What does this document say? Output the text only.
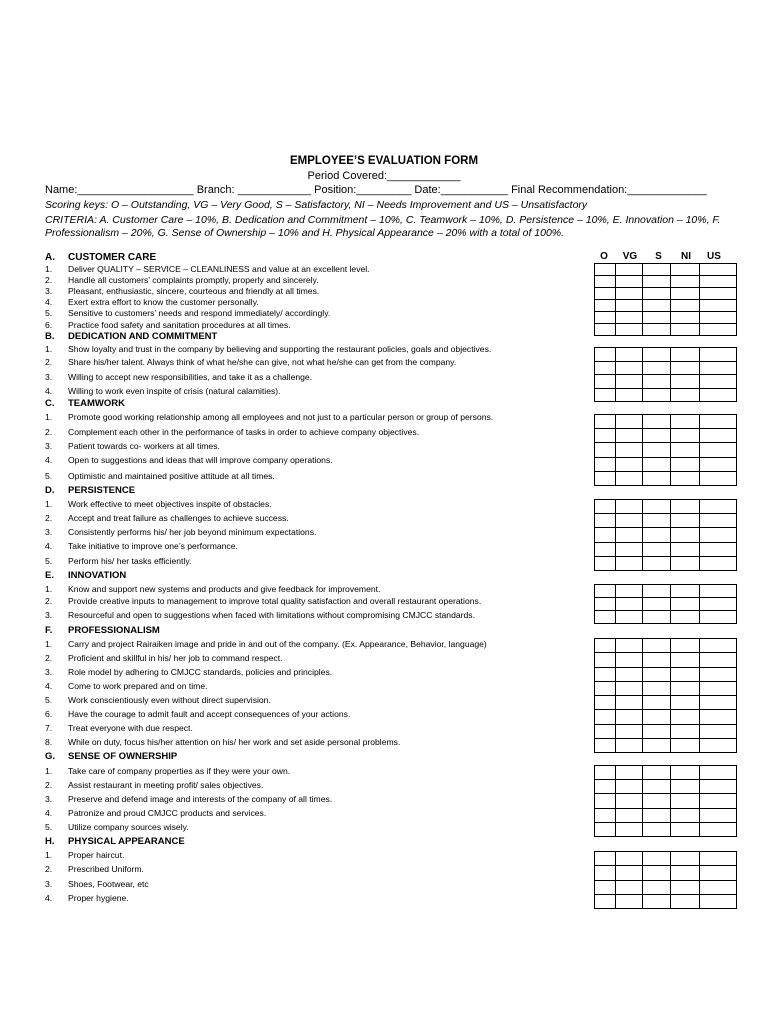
EMPLOYEE’S EVALUATION FORM
Period Covered:____________
Name:___________________ Branch: ____________ Position:_________ Date:___________ Final Recommendation:_____________
Scoring keys: O – Outstanding, VG – Very Good, S – Satisfactory, NI – Needs Improvement and US – Unsatisfactory
CRITERIA: A. Customer Care – 10%, B. Dedication and Commitment – 10%, C. Teamwork – 10%, D. Persistence – 10%, E. Innovation – 10%, F. Professionalism – 20%, G. Sense of Ownership – 10% and H. Physical Appearance – 20% with a total of 100%.
O	VG	S	NI	US
A. CUSTOMER CARE
1. Deliver QUALITY – SERVICE – CLEANLINESS and value at an excellent level.
2. Handle all customers’ complaints promptly, properly and sincerely.
3. Pleasant, enthusiastic, sincere, courteous and friendly at all times.
4. Exert extra effort to know the customer personally.
5. Sensitive to customers’ needs and respond immediately/ accordingly.
6. Practice food safety and sanitation procedures at all times.

B. DEDICATION AND COMMITMENT
1. Show loyalty and trust in the company by believing and supporting the restaurant policies, goals and objectives.
2. Share his/her talent. Always think of what he/she can give, not what he/she can get from the company.
3. Willing to accept new responsibilities, and take it as a challenge.
4. Willing to work even inspite of crisis (natural calamities).

C. TEAMWORK
1. Promote good working relationship among all employees and not just to a particular person or group of persons.
2. Complement each other in the performance of tasks in order to achieve company objectives.
3. Patient towards co- workers at all times.
4. Open to suggestions and ideas that will improve company operations.
5. Optimistic and maintained positive attitude at all times.

D. PERSISTENCE
1. Work effective to meet objectives inspite of obstacles.
2. Accept and treat failure as challenges to achieve success.
3. Consistently performs his/ her job beyond minimum expectations.
4. Take initiative to improve one’s performance.
5. Perform his/ her tasks efficiently.

E. INNOVATION
1. Know and support new systems and products and give feedback for improvement.
2. Provide creative inputs to management to improve total quality satisfaction and overall restaurant operations.
3. Resourceful and open to suggestions when faced with limitations without compromising CMJCC standards.

F. PROFESSIONALISM
1. Carry and project Rairaiken image and pride in and out of the company. (Ex. Appearance, Behavior, language)
2. Proficient and skillful in his/ her job to command respect.
3. Role model by adhering to CMJCC standards, policies and principles.
4. Come to work prepared and on time.
5. Work conscientiously even without direct supervision.
6. Have the courage to admit fault and accept consequences of your actions.
7. Treat everyone with due respect.
8. While on duty, focus his/her attention on his/ her work and set aside personal problems.

G. SENSE OF OWNERSHIP
1. Take care of company properties as if they were your own.
2. Assist restaurant in meeting profit/ sales objectives.
3. Preserve and defend image and interests of the company of all times.
4. Patronize and proud CMJCC products and services.
5. Utilize company sources wisely.

H. PHYSICAL APPEARANCE
1. Proper haircut.
2. Prescribed Uniform.
3. Shoes, Footwear, etc
4. Proper hygiene.
